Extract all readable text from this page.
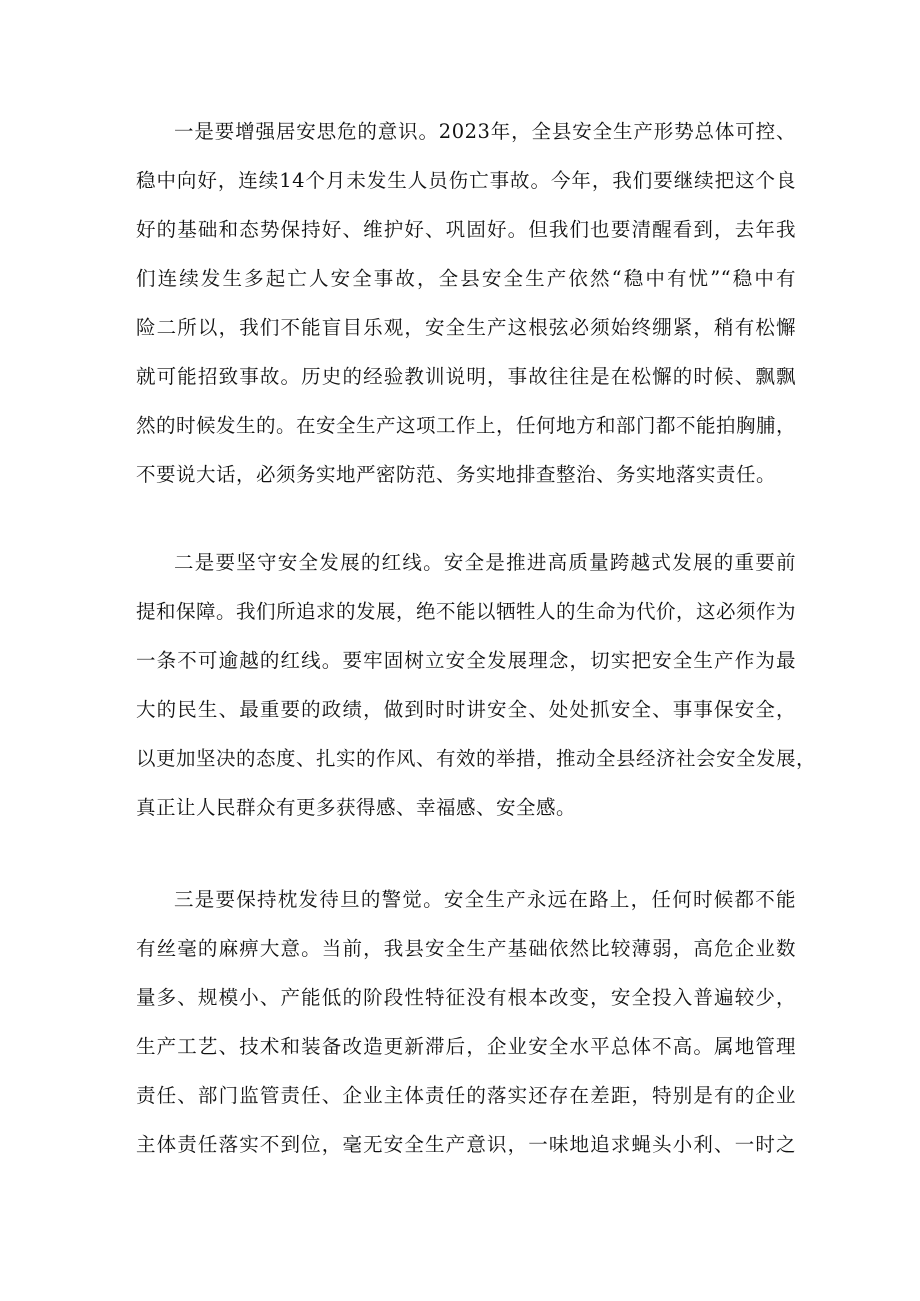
一是要增强居安思危的意识。2023年，全县安全生产形势总体可控、
稳中向好，连续14个月未发生人员伤亡事故。今年，我们要继续把这个良
好的基础和态势保持好、维护好、巩固好。但我们也要清醒看到，去年我
们连续发生多起亡人安全事故，全县安全生产依然“稳中有忧”“稳中有
险二所以，我们不能盲目乐观，安全生产这根弦必须始终绷紧，稍有松懈
就可能招致事故。历史的经验教训说明，事故往往是在松懈的时候、飘飘
然的时候发生的。在安全生产这项工作上，任何地方和部门都不能拍胸脯，
不要说大话，必须务实地严密防范、务实地排查整治、务实地落实责任。
二是要坚守安全发展的红线。安全是推进高质量跨越式发展的重要前
提和保障。我们所追求的发展，绝不能以牺牲人的生命为代价，这必须作为
一条不可逾越的红线。要牢固树立安全发展理念，切实把安全生产作为最
大的民生、最重要的政绩，做到时时讲安全、处处抓安全、事事保安全，
以更加坚决的态度、扎实的作风、有效的举措，推动全县经济社会安全发展，
真正让人民群众有更多获得感、幸福感、安全感。
三是要保持枕发待旦的警觉。安全生产永远在路上，任何时候都不能
有丝毫的麻痹大意。当前，我县安全生产基础依然比较薄弱，高危企业数
量多、规模小、产能低的阶段性特征没有根本改变，安全投入普遍较少，
生产工艺、技术和装备改造更新滞后，企业安全水平总体不高。属地管理
责任、部门监管责任、企业主体责任的落实还存在差距，特别是有的企业
主体责任落实不到位，毫无安全生产意识，一味地追求蝇头小利、一时之
